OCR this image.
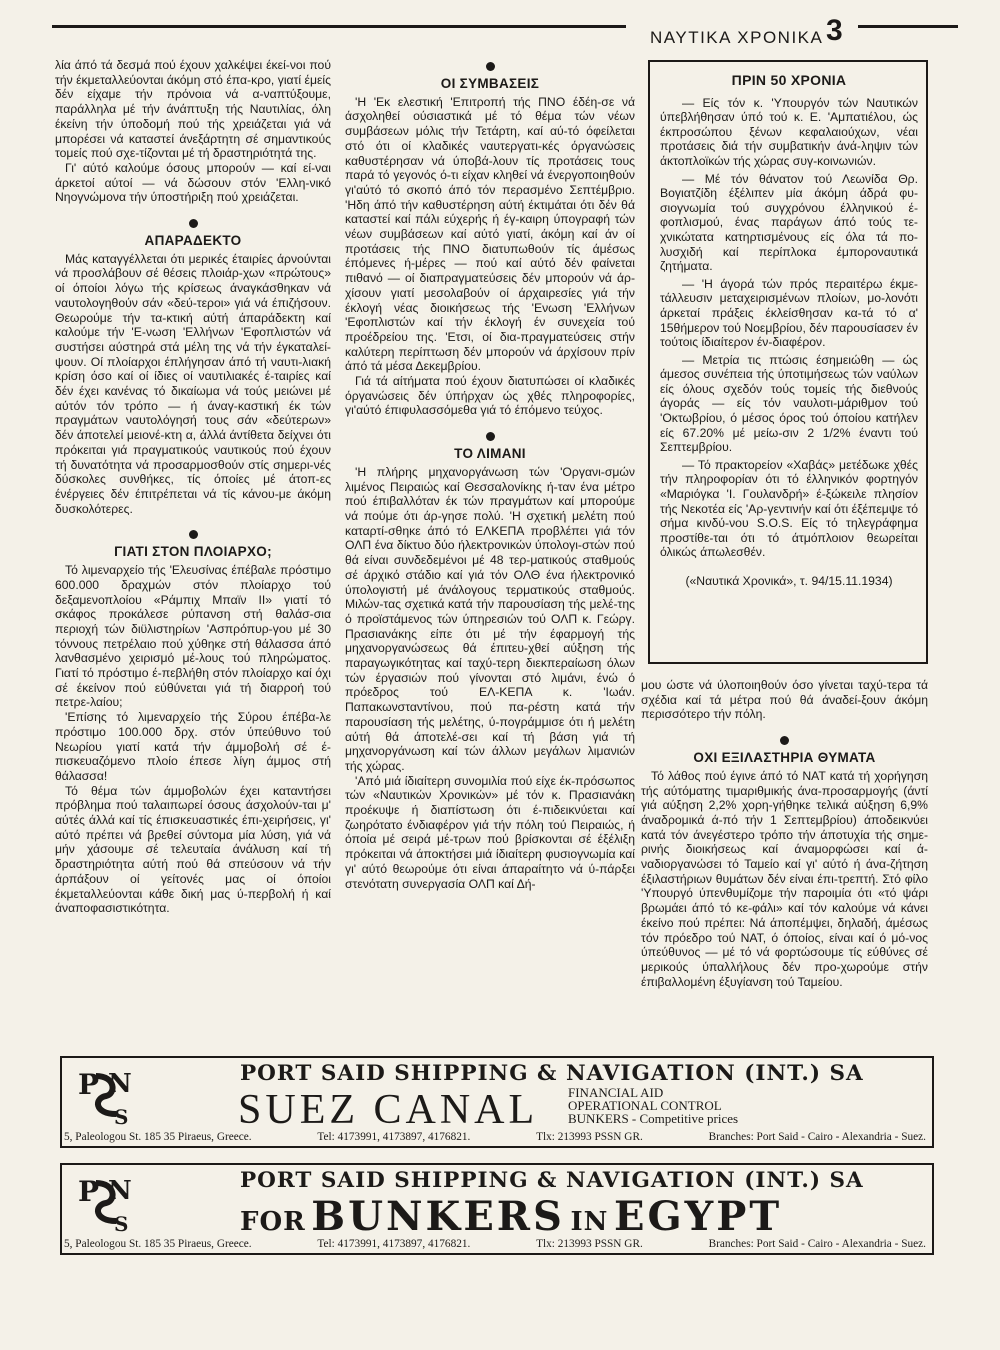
ΝΑΥΤΙΚΑ ΧΡΟΝΙΚΑ 3

λία άπό τά δεσμά πού έχουν χαλκέψει έκεί-νοι πού τήν έκμεταλλεύονται άκόμη στό έπα-κρο, γιατί έμείς δέν είχαμε τήν πρόνοια νά α-ναπτύξουμε, παράλληλα μέ τήν άνάπτυξη τής Ναυτιλίας, όλη έκείνη τήν ύποδομή πού τής χρειάζεται γιά νά μπορέσει νά καταστεί άνεξάρτητη σέ σημαντικούς τομείς πού σχε-τίζονται μέ τή δραστηριότητά της.

Γι' αύτό καλούμε όσους μπορούν — καί εί-ναι άρκετοί αύτοί — νά δώσουν στόν 'Ελλη-νικό Νηογνώμονα τήν ύποστήριξη πού χρειάζεται.

ΑΠΑΡΑΔΕΚΤΟ

Μάς καταγγέλλεται ότι μερικές έταιρίες άρνούνται νά προσλάβουν σέ θέσεις πλοιάρ-χων «πρώτους» οί όποίοι λόγω τής κρίσεως άναγκάσθηκαν νά ναυτολογηθούν σάν «δεύ-τεροι» γιά νά έπιζήσουν. Θεωρούμε τήν τα-κτική αύτή άπαράδεκτη καί καλούμε τήν 'Ε-νωση 'Ελλήνων 'Εφοπλιστών νά συστήσει αύστηρά στά μέλη της νά τήν έγκαταλεί-ψουν. Οί πλοίαρχοι έπλήγησαν άπό τή ναυτι-λιακή κρίση όσο καί οί ίδιες οί ναυτιλιακές έ-ταιρίες καί δέν έχει κανένας τό δικαίωμα νά τούς μειώνει μέ αύτόν τόν τρόπο — ή άναγ-καστική έκ τών πραγμάτων ναυτολόγησή τους σάν «δεύτερων» δέν άποτελεί μειονέ-κτη α, άλλά άντίθετα δείχνει ότι πρόκειται γιά πραγματικούς ναυτικούς πού έχουν τή δυνατότητα νά προσαρμοσθούν στίς σημερι-νές δύσκολες συνθήκες, τίς όποίες μέ άτοπ-ες ένέργειες δέν έπιτρέπεται νά τίς κάνου-με άκόμη δυσκολότερες.

ΓΙΑΤΙ ΣΤΟΝ ΠΛΟΙΑΡΧΟ;

Τό λιμεναρχείο τής 'Ελευσίνας έπέβαλε πρόστιμο 600.000 δραχμών στόν πλοίαρχο τού δεξαμενοπλοίου «Ράμπιχ Μπαϊν ΙΙ» γιατί τό σκάφος προκάλεσε ρύπανση στή θαλάσ-σια περιοχή τών διϋλιστηρίων 'Ασπρόπυρ-γου μέ 30 τόννους πετρέλαιο πού χύθηκε στή θάλασσα άπό λανθασμένο χειρισμό μέ-λους τού πληρώματος. Γιατί τό πρόστιμο έ-πεβλήθη στόν πλοίαρχο καί όχι σέ έκείνον πού εύθύνεται γιά τή διαρροή τού πετρε-λαίου;

'Επίσης τό λιμεναρχείο τής Σύρου έπέβα-λε πρόστιμο 100.000 δρχ. στόν ύπεύθυνο τού Νεωρίου γιατί κατά τήν άμμοβολή σέ έ-πισκευαζόμενο πλοίο έπεσε λίγη άμμος στή θάλασσα!

Τό θέμα τών άμμοβολών έχει καταντήσει πρόβλημα πού ταλαιπωρεί όσους άσχολούν-ται μ' αύτές άλλά καί τίς έπισκευαστικές έπι-χειρήσεις, γι' αύτό πρέπει νά βρεθεί σύντομα μία λύση, γιά νά μήν χάσουμε σέ τελευταία άνάλυση καί τή δραστηριότητα αύτή πού θά σπεύσουν νά τήν άρπάξουν οί γείτονές μας οί όποίοι έκμεταλλεύονται κάθε δική μας ύ-περβολή ή καί άναποφασιστικότητα.

ΟΙ ΣΥΜΒΑΣΕΙΣ

'Η 'Εκ ελεστική 'Επιτροπή τής ΠΝΟ έδέη-σε νά άσχοληθεί ούσιαστικά μέ τό θέμα τών νέων συμβάσεων μόλις τήν Τετάρτη, καί αύ-τό όφείλεται στό ότι οί κλαδικές ναυτεργατι-κές όργανώσεις καθυστέρησαν νά ύποβά-λουν τίς προτάσεις τους παρά τό γεγονός ό-τι είχαν κληθεί νά ένεργοποιηθούν γι'αύτό τό σκοπό άπό τόν περασμένο Σεπτέμβριο. 'Ηδη άπό τήν καθυστέρηση αύτή έκτιμάται ότι δέν θά καταστεί καί πάλι εύχερής ή έγ-καιρη ύπογραφή τών νέων συμβάσεων καί αύτό γιατί, άκόμη καί άν οί προτάσεις τής ΠΝΟ διατυπωθούν τίς άμέσως έπόμενες ή-μέρες — πού καί αύτό δέν φαίνεται πιθανό — οί διαπραγματεύσεις δέν μπορούν νά άρ-χίσουν γιατί μεσολαβούν οί άρχαιρεσίες γιά τήν έκλογή νέας διοικήσεως τής 'Ενωση 'Ελλήνων 'Εφοπλιστών καί τήν έκλογή έν συνεχεία τού προέδρείου της. 'Ετσι, οί δια-πραγματεύσεις στήν καλύτερη περίπτωση δέν μπορούν νά άρχίσουν πρίν άπό τά μέσα Δεκεμβρίου.

Γιά τά αίτήματα πού έχουν διατυπώσει οί κλαδικές όργανώσεις δέν ύπήρχαν ώς χθές πληροφορίες, γι'αύτό έπιφυλασσόμεθα γιά τό έπόμενο τεύχος.

ΤΟ ΛΙΜΑΝΙ

'Η πλήρης μηχανοργάνωση τών 'Οργανι-σμών λιμένος Πειραιώς καί Θεσσαλονίκης ή-ταν ένα μέτρο πού έπιβαλλόταν έκ τών πραγμάτων καί μπορούμε νά πούμε ότι άρ-γησε πολύ. 'Η σχετική μελέτη πού καταρτί-σθηκε άπό τό ΕΛΚΕΠΑ προβλέπει γιά τόν ΟΛΠ ένα δίκτυο δύο ήλεκτρονικών ύπολογι-στών πού θά είναι συνδεδεμένοι μέ 48 τερ-ματικούς σταθμούς σέ άρχικό στάδιο καί γιά τόν ΟΛΘ ένα ήλεκτρονικό ύπολογιστή μέ άνάλογους τερματικούς σταθμούς. Μιλών-τας σχετικά κατά τήν παρουσίαση τής μελέ-της ό προϊστάμενος τών ύπηρεσιών τού ΟΛΠ κ. Γεώργ. Πρασιανάκης είπε ότι μέ τήν έφαρμογή τής μηχανοργανώσεως θά έπιτευ-χθεί αύξηση τής παραγωγικότητας καί ταχύ-τερη διεκπεραίωση όλων τών έργασιών πού γίνονται στό λιμάνι, ένώ ό πρόεδρος τού ΕΛ-ΚΕΠΑ κ. 'Ιωάν. Παπακωνσταντίνου, πού πα-ρέστη κατά τήν παρουσίαση τής μελέτης, ύ-πογράμμισε ότι ή μελέτη αύτή θά άποτελέ-σει καί τή βάση γιά τή μηχανοργάνωση καί τών άλλων μεγάλων λιμανιών τής χώρας.

'Από μιά ίδιαίτερη συνομιλία πού είχε έκ-πρόσωπος τών «Ναυτικών Χρονικών» μέ τόν κ. Πρασιανάκη προέκυψε ή διαπίστωση ότι έ-πιδεικνύεται καί ζωηρότατο ένδιαφέρον γιά τήν πόλη τού Πειραιώς, ή όποία μέ σειρά μέ-τρων πού βρίσκονται σέ έξέλιξη πρόκειται νά άποκτήσει μιά ίδιαίτερη φυσιογνωμία καί γι' αύτό θεωρούμε ότι είναι άπαραίτητο νά ύ-πάρξει στενότατη συνεργασία ΟΛΠ καί Δή-

ΠΡΙΝ 50 ΧΡΟΝΙΑ

— Είς τόν κ. 'Υπουργόν τών Ναυτικών ύπεβλήθησαν ύπό τού κ. Ε. 'Αμπατιέλου, ώς έκπροσώπου ξένων κεφαλαιούχων, νέαι προτάσεις διά τήν συμβατικήν άνά-ληψιν τών άκτοπλοϊκών τής χώρας συγ-κοινωνιών.

— Μέ τόν θάνατον τού Λεωνίδα Θρ. Βογιατζίδη έξέλιπεν μία άκόμη άδρά φυ-σιογνωμία τού συγχρόνου έλληνικού έ-φοπλισμού, ένας παράγων άπό τούς τε-χνικώτατα κατηρτισμένους είς όλα τά πο-λυσχιδή καί περίπλοκα έμποροναυτικά ζητήματα.

— 'Η άγορά τών πρός περαιτέρω έκμε-τάλλευσιν μεταχειρισμένων πλοίων, μο-λονότι άρκεταί πράξεις έκλείσθησαν κα-τά τό α' 15θήμερον τού Νοεμβρίου, δέν παρουσίασεν έν τούτοις ίδιαίτερον έν-διαφέρον.

— Μετρία τις πτώσις έσημειώθη — ώς άμεσος συνέπεια τής ύποτιμήσεως τών ναύλων είς όλους σχεδόν τούς τομείς τής διεθνούς άγοράς — είς τόν ναυλοτι-μάριθμον τού 'Οκτωβρίου, ό μέσος όρος τού όποίου κατήλεν είς 67.20% μέ μείω-σιν 2 1/2% έναντι τού Σεπτεμβρίου.

— Τό πρακτορείον «Χαβάς» μετέδωκε χθές τήν πληροφορίαν ότι τό έλληνικόν φορτηγόν «Μαριόγκα 'Ι. Γουλανδρή» έ-ξώκειλε πλησίον τής Νεκοτέα είς 'Αρ-γεντινήν καί ότι έξέπεμψε τό σήμα κινδύ-νου S.O.S. Είς τό τηλεγράφημα προστίθε-ται ότι τό άτμόπλοιον θεωρείται όλικώς άπωλεσθέν.

(«Ναυτικά Χρονικά», τ. 94/15.11.1934)

μου ώστε νά ύλοποιηθούν όσο γίνεται ταχύ-τερα τά σχέδια καί τά μέτρα πού θά άναδεί-ξουν άκόμη περισσότερο τήν πόλη.

ΟΧΙ ΕΞΙΛΑΣΤΗΡΙΑ ΘΥΜΑΤΑ

Τό λάθος πού έγινε άπό τό ΝΑΤ κατά τή χορήγηση τής αύτόματης τιμαριθμικής άνα-προσαρμογής (άντί γιά αύξηση 2,2% χορη-γήθηκε τελικά αύξηση 6,9% άναδρομικά ά-πό τήν 1 Σεπτεμβρίου) άποδεικνύει κατά τόν άνεγέστερο τρόπο τήν άποτυχία τής σημε-ρινής διοικήσεως καί άναμορφώσει καί ά-ναδιοργανώσει τό Ταμείο καί γι' αύτό ή άνα-ζήτηση έξιλαστήριων θυμάτων δέν είναι έπι-τρεπτή. Στό φίλο 'Υπουργό ύπενθυμίζομε τήν παροιμία ότι «τό ψάρι βρωμάει άπό τό κε-φάλι» καί τόν καλούμε νά κάνει έκείνο πού πρέπει: Νά άποπέμψει, δηλαδή, άμέσως τόν πρόεδρο τού ΝΑΤ, ό όποίος, είναι καί ό μό-νος ύπεύθυνος — μέ τό νά φορτώσουμε τίς εύθύνες σέ μερικούς ύπαλλήλους δέν προ-χωρούμε στήν έπιβαλλομένη έξυγίανση τού Ταμείου.

P N
S
PORT SAID SHIPPING & NAVIGATION (INT.) SA
SUEZ CANAL FINANCIAL AID
OPERATIONAL CONTROL
BUNKERS - Competitive prices
5, Paleologou St. 185 35 Piraeus, Greece.	Tel: 4173991, 4173897, 4176821.	Tlx: 213993 PSSN GR.	Branches: Port Said - Cairo - Alexandria - Suez.
P N
S
PORT SAID SHIPPING & NAVIGATION (INT.) SA
FOR BUNKERS IN EGYPT
5, Paleologou St. 185 35 Piraeus, Greece.	Tel: 4173991, 4173897, 4176821.	Tlx: 213993 PSSN GR.	Branches: Port Said - Cairo - Alexandria - Suez.
